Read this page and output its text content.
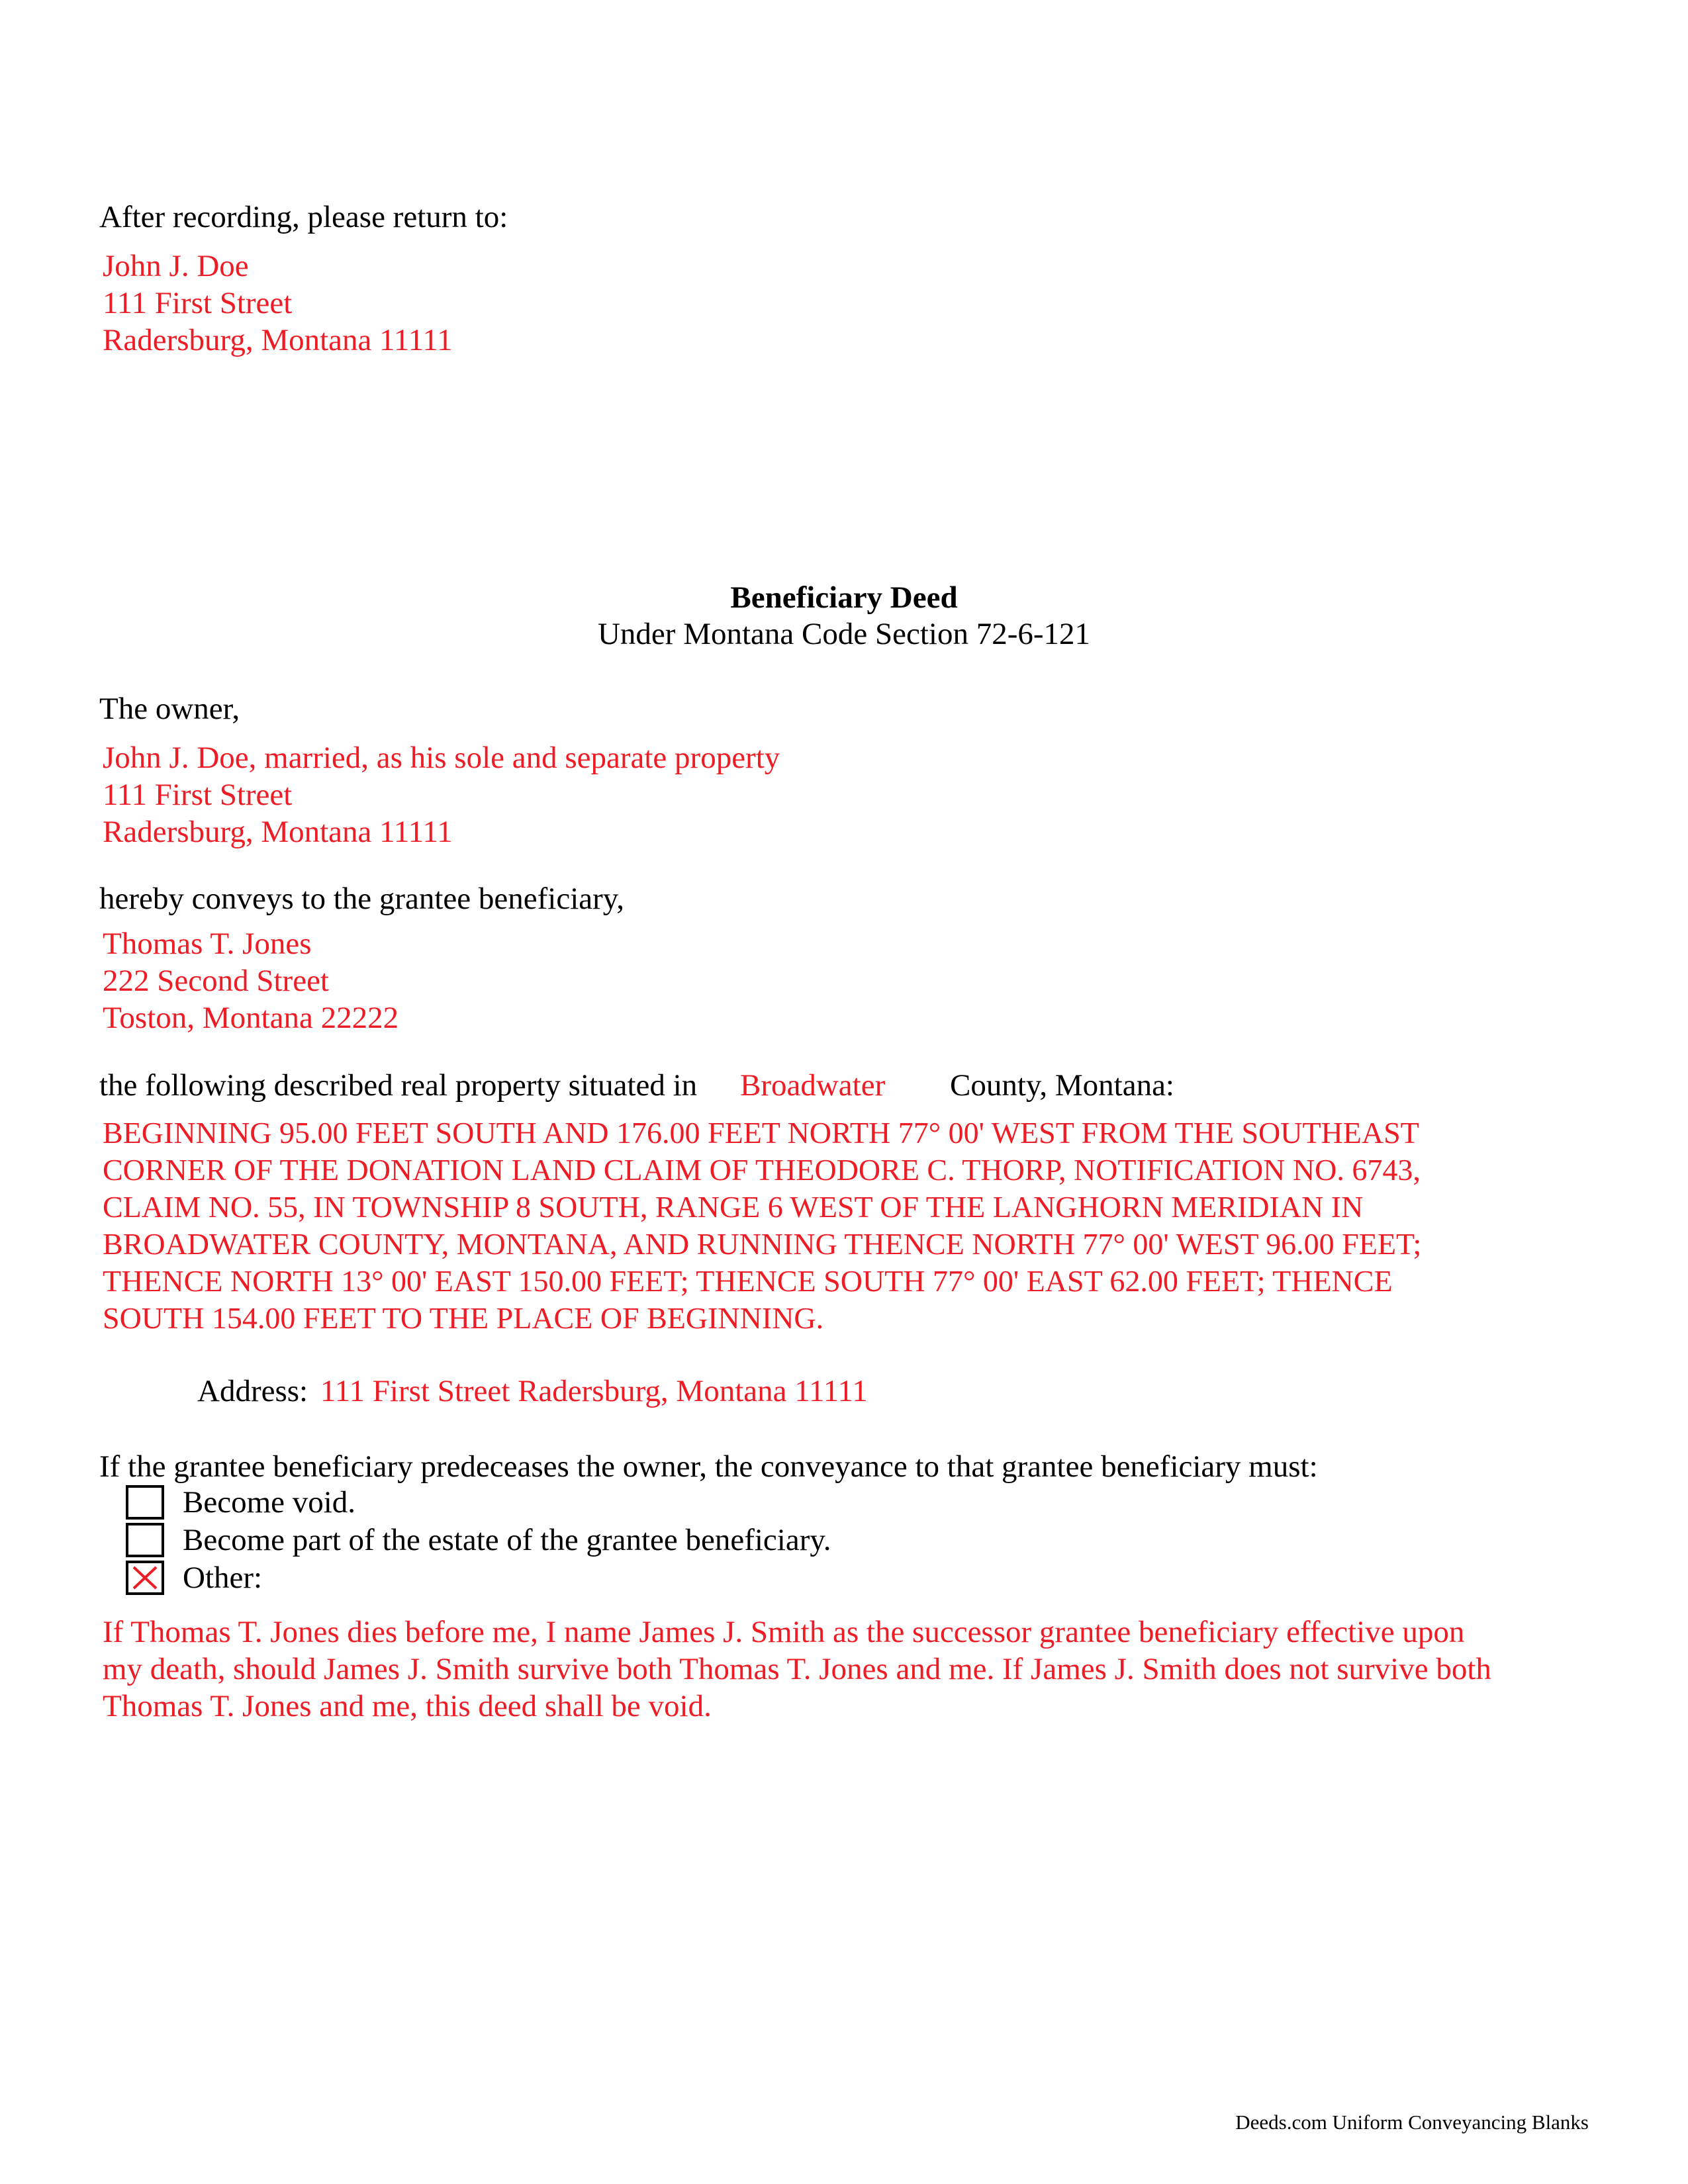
After recording, please return to:
John J. Doe
111 First Street
Radersburg, Montana 11111
Beneficiary Deed
Under Montana Code Section 72-6-121
The owner,
John J. Doe, married, as his sole and separate property
111 First Street
Radersburg, Montana 11111
hereby conveys to the grantee beneficiary,
Thomas T. Jones
222 Second Street
Toston, Montana 22222
the following described real property situated in Broadwater County, Montana:
BEGINNING 95.00 FEET SOUTH AND 176.00 FEET NORTH 77° 00' WEST FROM THE SOUTHEAST
CORNER OF THE DONATION LAND CLAIM OF THEODORE C. THORP, NOTIFICATION NO. 6743,
CLAIM NO. 55, IN TOWNSHIP 8 SOUTH, RANGE 6 WEST OF THE LANGHORN MERIDIAN IN
BROADWATER COUNTY, MONTANA, AND RUNNING THENCE NORTH 77° 00' WEST 96.00 FEET;
THENCE NORTH 13° 00' EAST 150.00 FEET; THENCE SOUTH 77° 00' EAST 62.00 FEET; THENCE
SOUTH 154.00 FEET TO THE PLACE OF BEGINNING.
Address: 111 First Street Radersburg, Montana 11111
If the grantee beneficiary predeceases the owner, the conveyance to that grantee beneficiary must:
Become void.
Become part of the estate of the grantee beneficiary.
Other:
If Thomas T. Jones dies before me, I name James J. Smith as the successor grantee beneficiary effective upon
my death, should James J. Smith survive both Thomas T. Jones and me. If James J. Smith does not survive both
Thomas T. Jones and me, this deed shall be void.
Deeds.com Uniform Conveyancing Blanks
